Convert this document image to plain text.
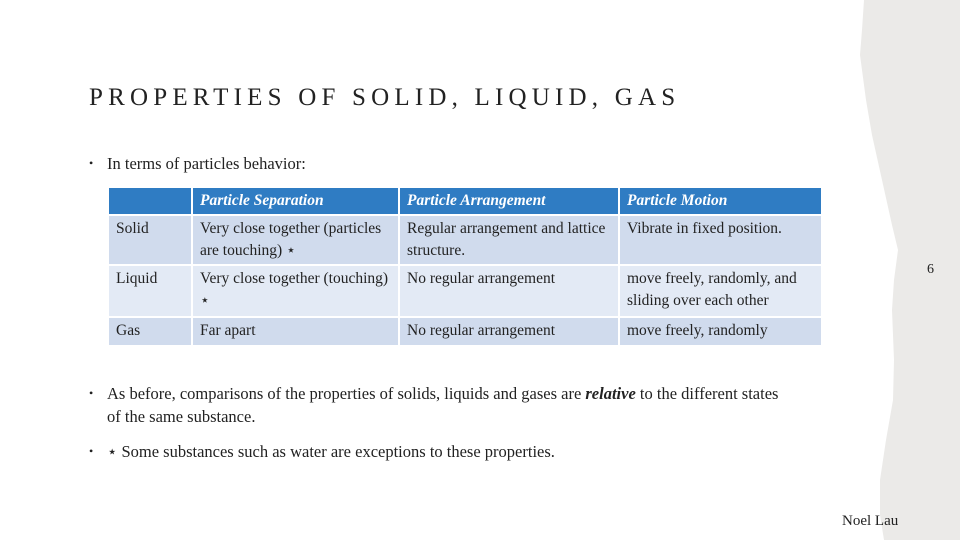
PROPERTIES OF SOLID, LIQUID, GAS
• In terms of particles behavior:
	Particle Separation	Particle Arrangement	Particle Motion
Solid	Very close together (particles are touching) ⋆	Regular arrangement and lattice structure.	Vibrate in fixed position.
Liquid	Very close together (touching) ⋆	No regular arrangement	move freely, randomly, and sliding over each other
Gas	Far apart	No regular arrangement	move freely, randomly
• As before, comparisons of the properties of solids, liquids and gases are relative to the different states of the same substance.
• ⋆ Some substances such as water are exceptions to these properties.
6
Noel Lau
